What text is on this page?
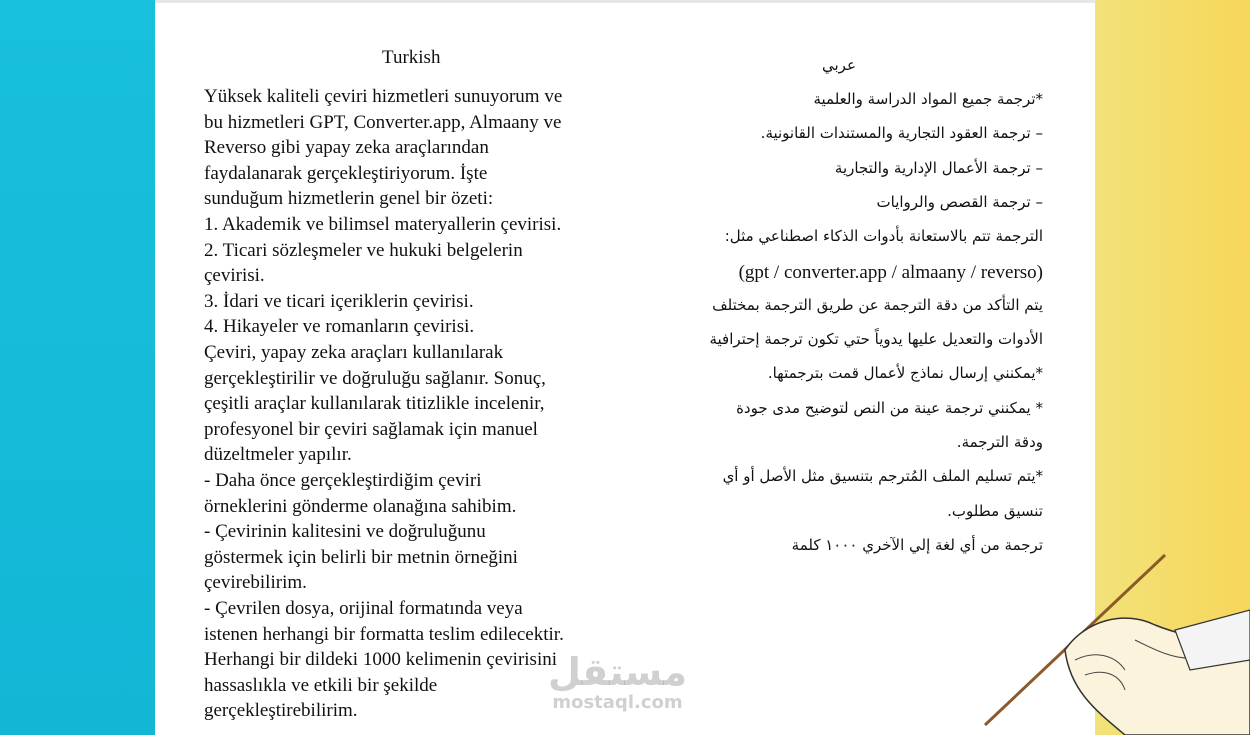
Turkish
Yüksek kaliteli çeviri hizmetleri sunuyorum ve
bu hizmetleri GPT, Converter.app, Almaany ve
Reverso gibi yapay zeka araçlarından
faydalanarak gerçekleştiriyorum. İşte
sunduğum hizmetlerin genel bir özeti:
1. Akademik ve bilimsel materyallerin çevirisi.
2. Ticari sözleşmeler ve hukuki belgelerin
çevirisi.
3. İdari ve ticari içeriklerin çevirisi.
4. Hikayeler ve romanların çevirisi.
Çeviri, yapay zeka araçları kullanılarak
gerçekleştirilir ve doğruluğu sağlanır. Sonuç,
çeşitli araçlar kullanılarak titizlikle incelenir,
profesyonel bir çeviri sağlamak için manuel
düzeltmeler yapılır.
- Daha önce gerçekleştirdiğim çeviri
örneklerini gönderme olanağına sahibim.
- Çevirinin kalitesini ve doğruluğunu
göstermek için belirli bir metnin örneğini
çevirebilirim.
- Çevrilen dosya, orijinal formatında veya
istenen herhangi bir formatta teslim edilecektir.
Herhangi bir dildeki 1000 kelimenin çevirisini
hassaslıkla ve etkili bir şekilde
gerçekleştirebilirim.
عربي
*ترجمة جميع المواد الدراسة والعلمية
– ترجمة العقود التجارية والمستندات القانونية.
– ترجمة الأعمال الإدارية والتجارية
– ترجمة القصص والروايات
الترجمة تتم بالاستعانة بأدوات الذكاء اصطناعي مثل:
(gpt / converter.app / almaany / reverso)
يتم التأكد من دقة الترجمة عن طريق الترجمة بمختلف
الأدوات والتعديل عليها يدوياً حتي تكون ترجمة إحترافية
*يمكنني إرسال نماذج لأعمال قمت بترجمتها.
* يمكنني ترجمة عينة من النص لتوضيح مدى جودة
ودقة الترجمة.
*يتم تسليم الملف المُترجم بتنسيق مثل الأصل أو أي
تنسيق مطلوب.
ترجمة من أي لغة إلي الآخري ١٠٠٠ كلمة
مستقل
mostaql.com
